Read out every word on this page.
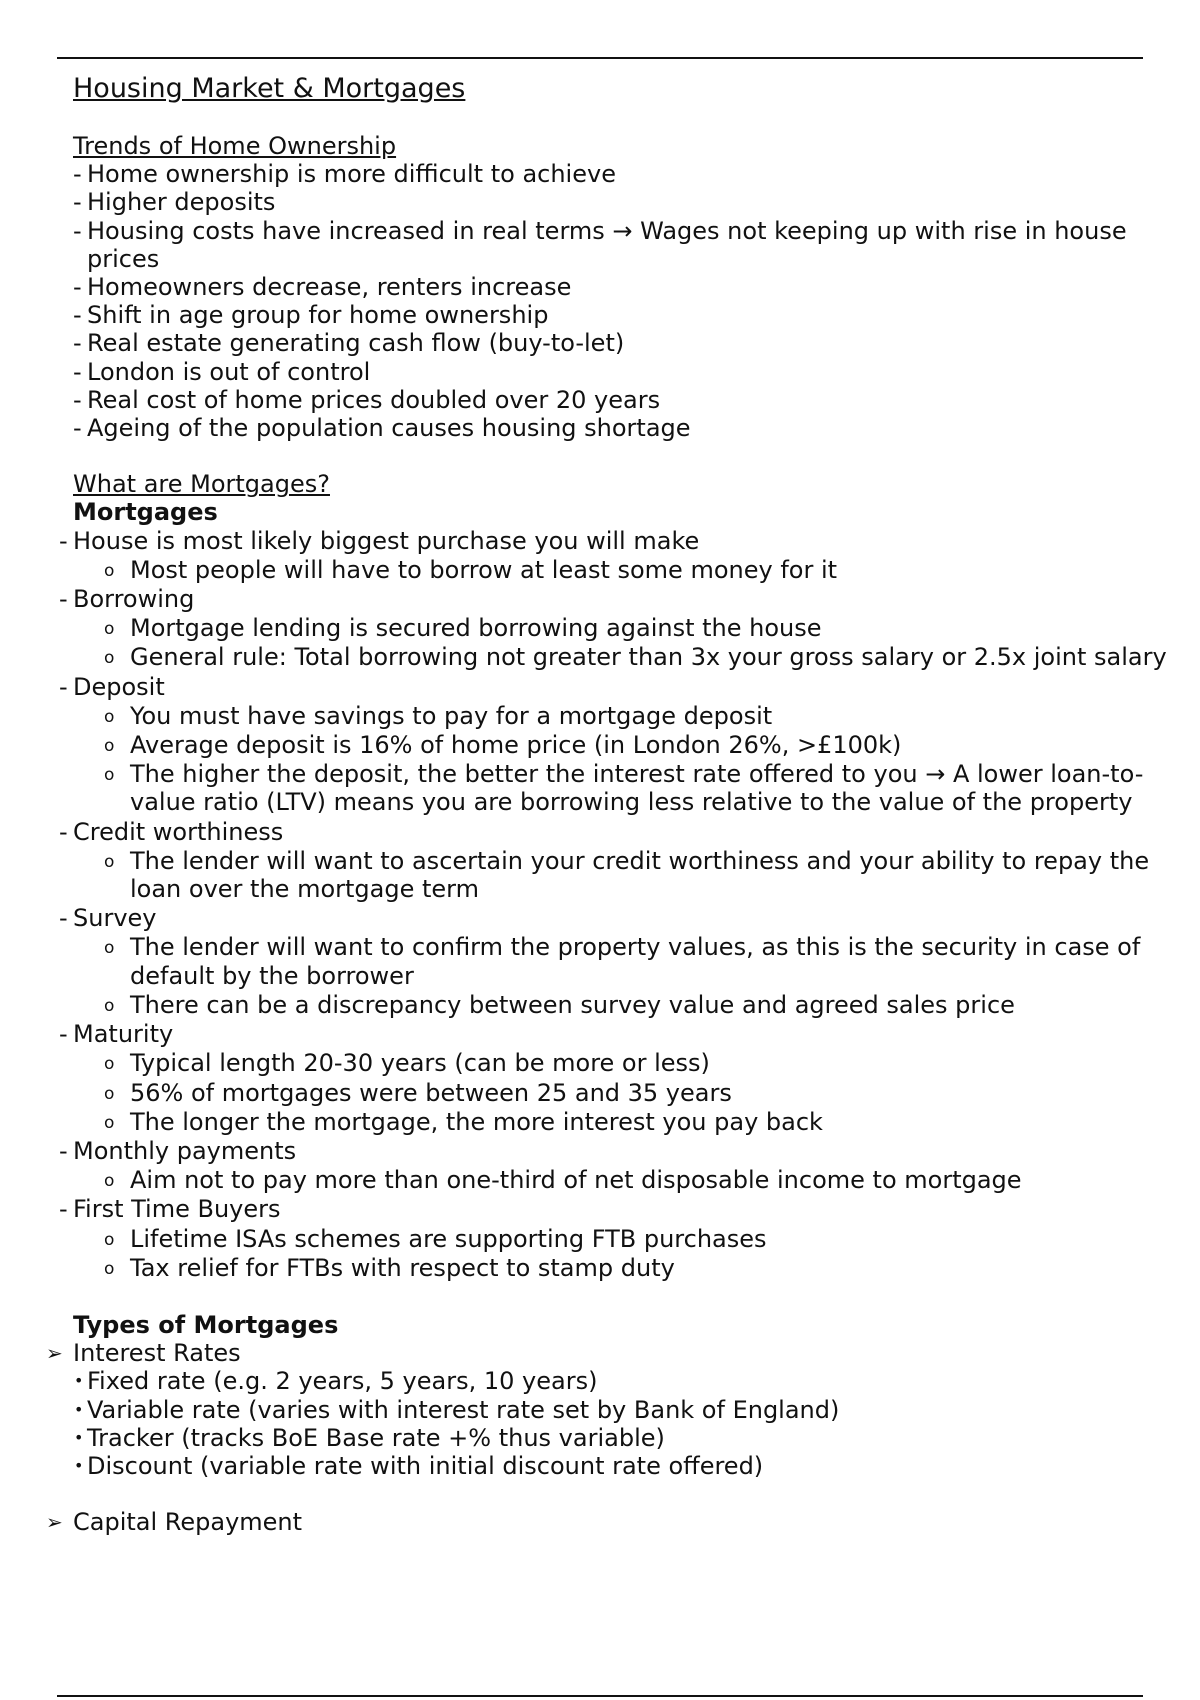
Housing Market & Mortgages
Trends of Home Ownership
- Home ownership is more difficult to achieve
- Higher deposits
- Housing costs have increased in real terms → Wages not keeping up with rise in house prices
- Homeowners decrease, renters increase
- Shift in age group for home ownership
- Real estate generating cash flow (buy-to-let)
- London is out of control
- Real cost of home prices doubled over 20 years
- Ageing of the population causes housing shortage
What are Mortgages?
Mortgages
- House is most likely biggest purchase you will make
o Most people will have to borrow at least some money for it
- Borrowing
o Mortgage lending is secured borrowing against the house
o General rule: Total borrowing not greater than 3x your gross salary or 2.5x joint salary
- Deposit
o You must have savings to pay for a mortgage deposit
o Average deposit is 16% of home price (in London 26%, >£100k)
o The higher the deposit, the better the interest rate offered to you → A lower loan-to-value ratio (LTV) means you are borrowing less relative to the value of the property
- Credit worthiness
o The lender will want to ascertain your credit worthiness and your ability to repay the loan over the mortgage term
- Survey
o The lender will want to confirm the property values, as this is the security in case of default by the borrower
o There can be a discrepancy between survey value and agreed sales price
- Maturity
o Typical length 20-30 years (can be more or less)
o 56% of mortgages were between 25 and 35 years
o The longer the mortgage, the more interest you pay back
- Monthly payments
o Aim not to pay more than one-third of net disposable income to mortgage
- First Time Buyers
o Lifetime ISAs schemes are supporting FTB purchases
o Tax relief for FTBs with respect to stamp duty
Types of Mortgages
➢ Interest Rates
• Fixed rate (e.g. 2 years, 5 years, 10 years)
• Variable rate (varies with interest rate set by Bank of England)
• Tracker (tracks BoE Base rate +% thus variable)
• Discount (variable rate with initial discount rate offered)
➢ Capital Repayment
